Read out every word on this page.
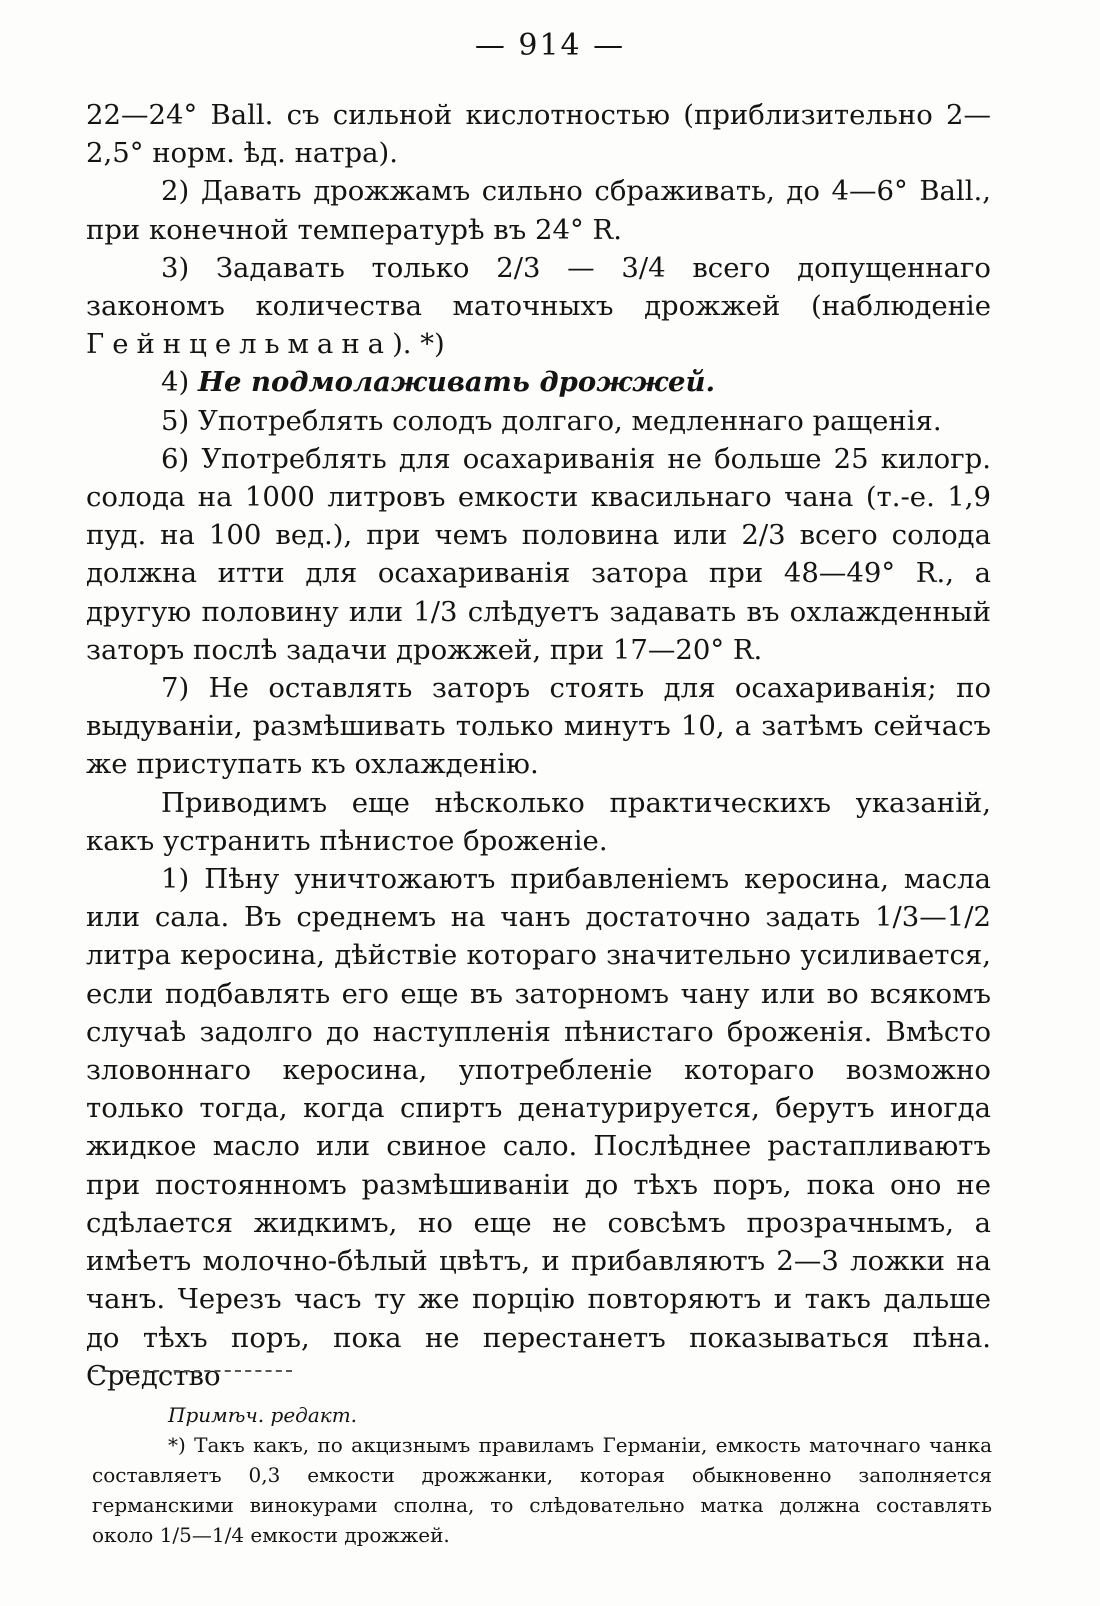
— 914 —

22—24° Ball. съ сильной кислотностью (приблизительно 2—2,5° норм. ѣд. натра).

2) Давать дрожжамъ сильно сбраживать, до 4—6° Ball., при конечной температурѣ въ 24° R.

3) Задавать только 2/3 — 3/4 всего допущеннаго закономъ количества маточныхъ дрожжей (наблюденіе Гейнцельмана). *)

4) Не подмолаживать дрожжей.

5) Употреблять солодъ долгаго, медленнаго ращенія.

6) Употреблять для осахариванія не больше 25 килогр. солода на 1000 литровъ емкости квасильнаго чана (т.-е. 1,9 пуд. на 100 вед.), при чемъ половина или 2/3 всего солода должна итти для осахариванія затора при 48—49° R., а другую половину или 1/3 слѣдуетъ задавать въ охлажденный заторъ послѣ задачи дрожжей, при 17—20° R.

7) Не оставлять заторъ стоять для осахариванія; по выдуваніи, размѣшивать только минутъ 10, а затѣмъ сейчасъ же приступать къ охлажденію.

Приводимъ еще нѣсколько практическихъ указаній, какъ устранить пѣнистое броженіе.

1) Пѣну уничтожаютъ прибавленіемъ керосина, масла или сала. Въ среднемъ на чанъ достаточно задать 1/3—1/2 литра керосина, дѣйствіе котораго значительно усиливается, если подбавлять его еще въ заторномъ чану или во всякомъ случаѣ задолго до наступленія пѣнистаго броженія. Вмѣсто зловоннаго керосина, употребленіе котораго возможно только тогда, когда спиртъ денатурируется, берутъ иногда жидкое масло или свиное сало. Послѣднее растапливаютъ при постоянномъ размѣшиваніи до тѣхъ поръ, пока оно не сдѣлается жидкимъ, но еще не совсѣмъ прозрачнымъ, а имѣетъ молочно-бѣлый цвѣтъ, и прибавляютъ 2—3 ложки на чанъ. Черезъ часъ ту же порцію повторяютъ и такъ дальше до тѣхъ поръ, пока не перестанетъ показываться пѣна. Средство

Примѣч. редакт.

*) Такъ какъ, по акцизнымъ правиламъ Германіи, емкость маточнаго чанка составляетъ 0,3 емкости дрожжанки, которая обыкновенно заполняется германскими винокурами сполна, то слѣдовательно матка должна составлять около 1/5—1/4 емкости дрожжей.
